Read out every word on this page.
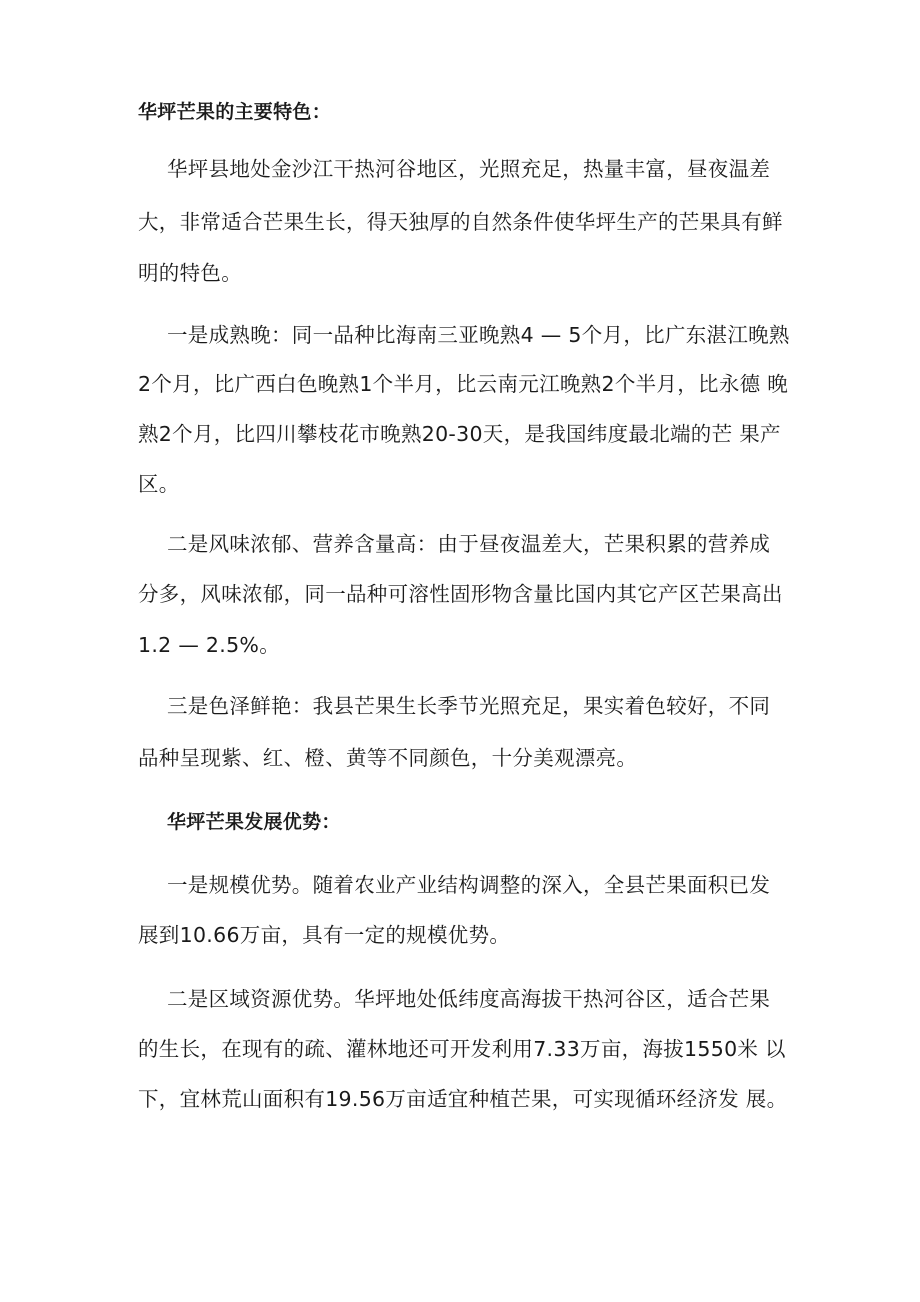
华坪芒果的主要特色：
华坪县地处金沙江干热河谷地区，光照充足，热量丰富，昼夜温差
大，非常适合芒果生长，得天独厚的自然条件使华坪生产的芒果具有鲜
明的特色。
一是成熟晚：同一品种比海南三亚晚熟4 — 5个月，比广东湛江晚熟
2个月，比广西白色晚熟1个半月，比云南元江晚熟2个半月，比永德 晚
熟2个月，比四川攀枝花市晚熟20-30天，是我国纬度最北端的芒 果产
区。
二是风味浓郁、营养含量高：由于昼夜温差大，芒果积累的营养成
分多，风味浓郁，同一品种可溶性固形物含量比国内其它产区芒果高出
1.2 — 2.5%。
三是色泽鲜艳：我县芒果生长季节光照充足，果实着色较好，不同
品种呈现紫、红、橙、黄等不同颜色，十分美观漂亮。
华坪芒果发展优势：
一是规模优势。随着农业产业结构调整的深入，全县芒果面积已发
展到10.66万亩，具有一定的规模优势。
二是区域资源优势。华坪地处低纬度高海拔干热河谷区，适合芒果
的生长，在现有的疏、灌林地还可开发利用7.33万亩，海拔1550米 以
下，宜林荒山面积有19.56万亩适宜种植芒果，可实现循环经济发 展。
